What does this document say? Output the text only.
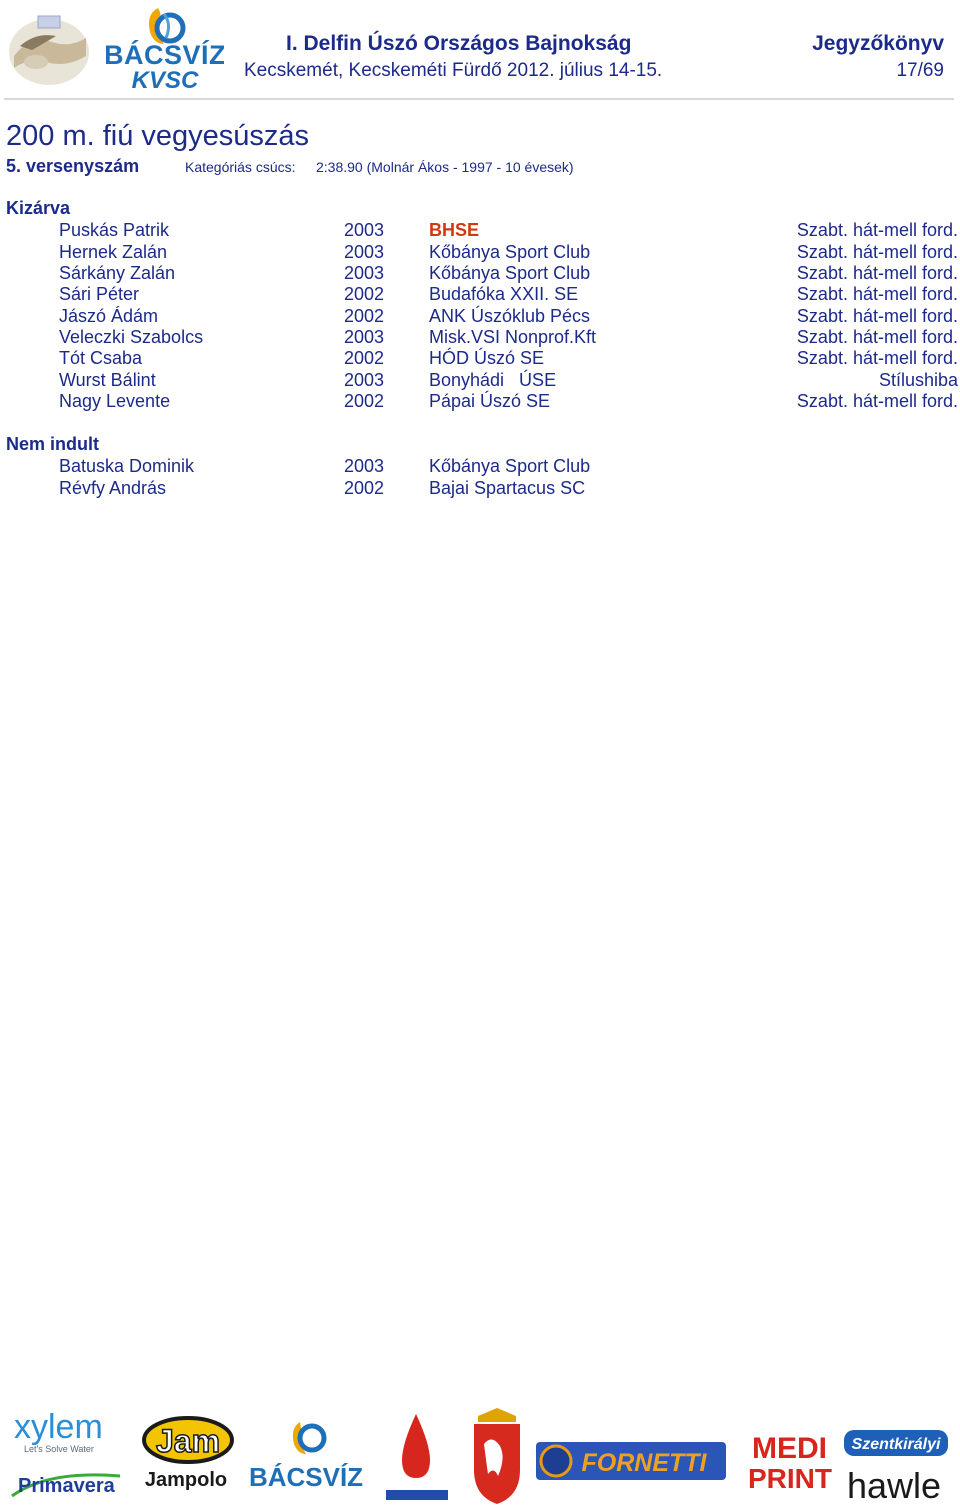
BÁCSVÍZ
KVSC
I. Delfin Úszó Országos Bajnokság	Jegyzőkönyv
Kecskemét, Kecskeméti Fürdő 2012. július 14-15.	17/69
200 m. fiú vegyesúszás
5. versenyszám	Kategóriás csúcs: 2:38.90 (Molnár Ákos - 1997 - 10 évesek)
Kizárva
Puskás Patrik	2003 BHSE	Szabt. hát-mell ford.
Hernek Zalán	2003 Kőbánya Sport Club	Szabt. hát-mell ford.
Sárkány Zalán	2003 Kőbánya Sport Club	Szabt. hát-mell ford.
Sári Péter	2002 Budafóka XXII. SE	Szabt. hát-mell ford.
Jászó Ádám	2002 ANK Úszóklub Pécs	Szabt. hát-mell ford.
Veleczki Szabolcs	2003 Misk.VSI Nonprof.Kft	Szabt. hát-mell ford.
Tót Csaba	2002 HÓD Úszó SE	Szabt. hát-mell ford.
Wurst Bálint	2003 Bonyhádi   ÚSE	Stílushiba
Nagy Levente	2002 Pápai Úszó SE	Szabt. hát-mell ford.
Nem indult
Batuska Dominik	2003 Kőbánya Sport Club
Révfy András	2002 Bajai Spartacus SC
xylem
Let's Solve Water
Primavera
Jam
Jampolo BÁCSVÍZ	FORNETTI MEDI
PRINT
Szentkirályi
hawle
